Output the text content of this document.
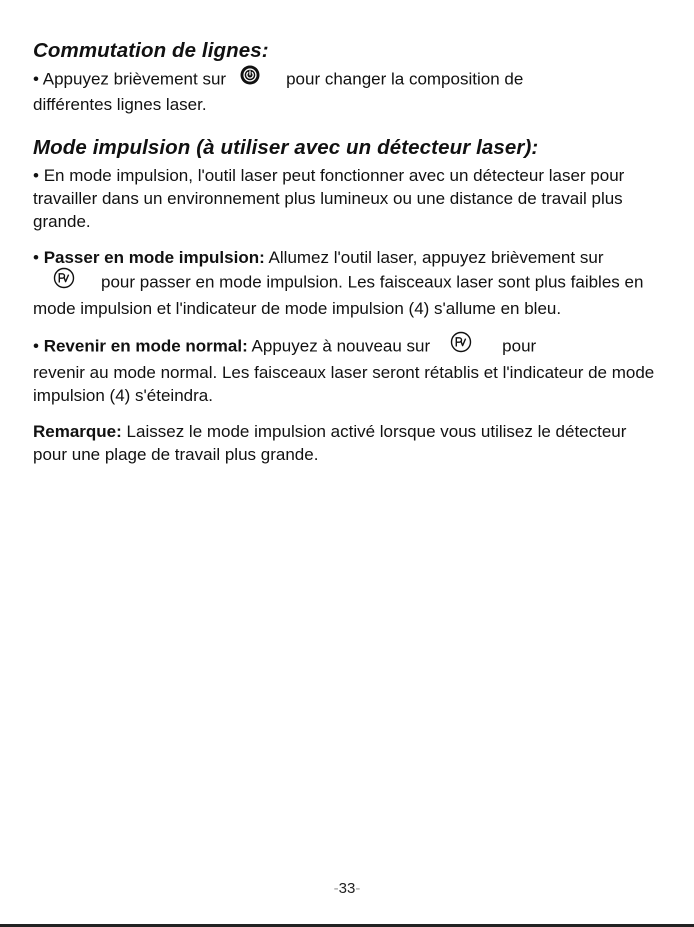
Commutation de lignes:

• Appuyez brièvement sur	pour changer la composition de
différentes lignes laser.

Mode impulsion (à utiliser avec un détecteur laser):

• En mode impulsion, l'outil laser peut fonctionner avec un détecteur laser pour travailler dans un environnement plus lumineux ou une distance de travail plus grande.

• Passer en mode impulsion: Allumez l'outil laser, appuyez brièvement surpour passer en mode impulsion. Les faisceaux laser sont plus faibles en mode impulsion et l'indicateur de mode impulsion (4) s'allume en bleu.

• Revenir en mode normal: Appuyez à nouveau sur	pour
revenir au mode normal. Les faisceaux laser seront rétablis et l'indicateur de mode impulsion (4) s'éteindra.

Remarque: Laissez le mode impulsion activé lorsque vous utilisez le détecteur pour une plage de travail plus grande.

-33-
